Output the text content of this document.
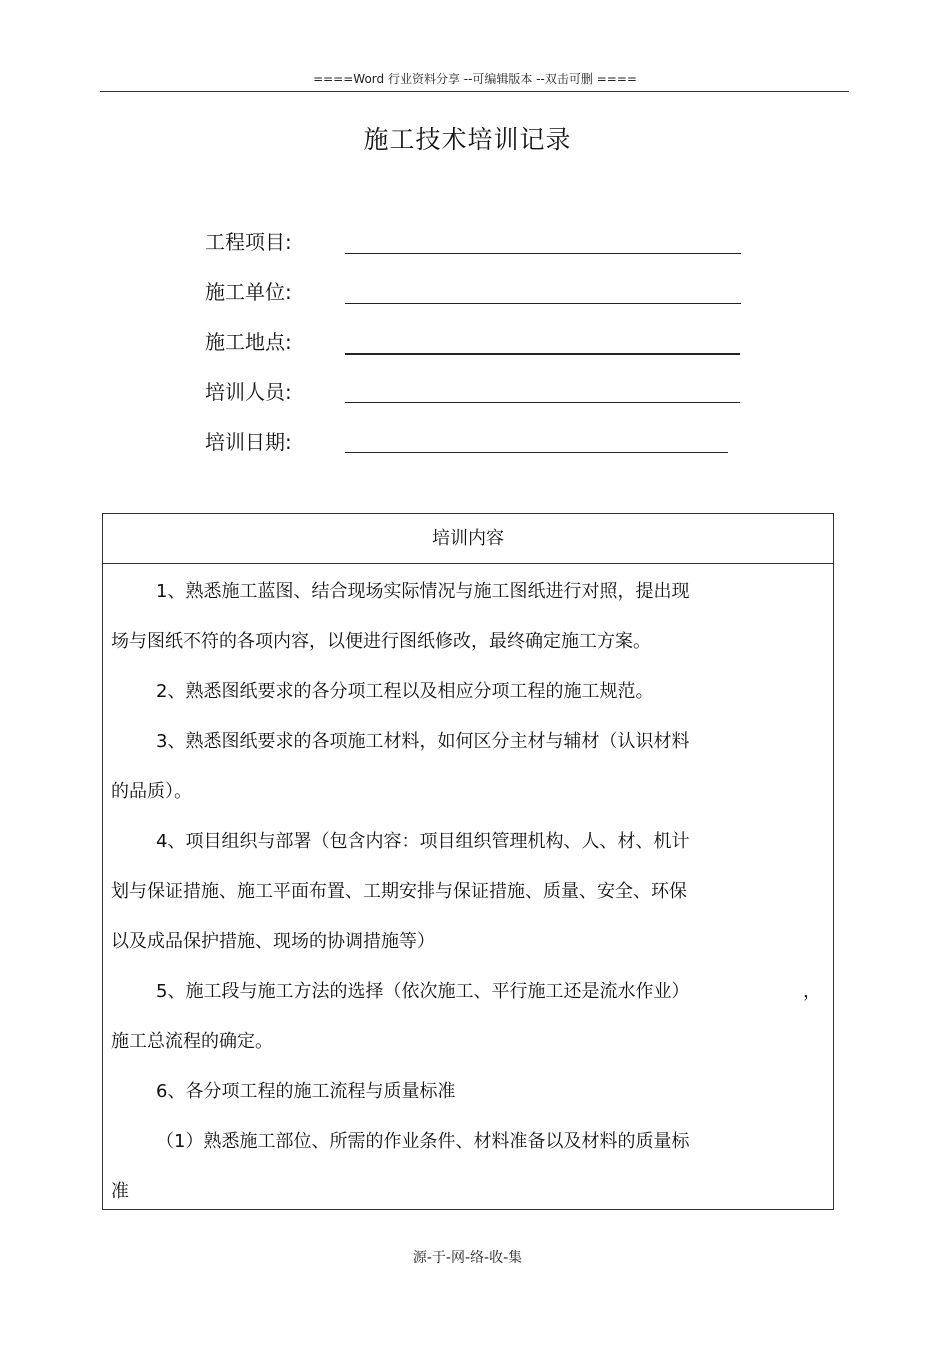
====Word 行业资料分享 --可编辑版本 --双击可删 ====
施工技术培训记录
工程项目:
施工单位:
施工地点:
培训人员:
培训日期:
培训内容
1、熟悉施工蓝图、结合现场实际情况与施工图纸进行对照，提出现
场与图纸不符的各项内容，以便进行图纸修改，最终确定施工方案。
2、熟悉图纸要求的各分项工程以及相应分项工程的施工规范。
3、熟悉图纸要求的各项施工材料，如何区分主材与辅材（认识材料
的品质）。
4、项目组织与部署（包含内容：项目组织管理机构、人、材、机计
划与保证措施、施工平面布置、工期安排与保证措施、质量、安全、环保
以及成品保护措施、现场的协调措施等）
5、施工段与施工方法的选择（依次施工、平行施工还是流水作业）	，
施工总流程的确定。
6、各分项工程的施工流程与质量标准
（1）熟悉施工部位、所需的作业条件、材料准备以及材料的质量标
准
源-于-网-络-收-集
